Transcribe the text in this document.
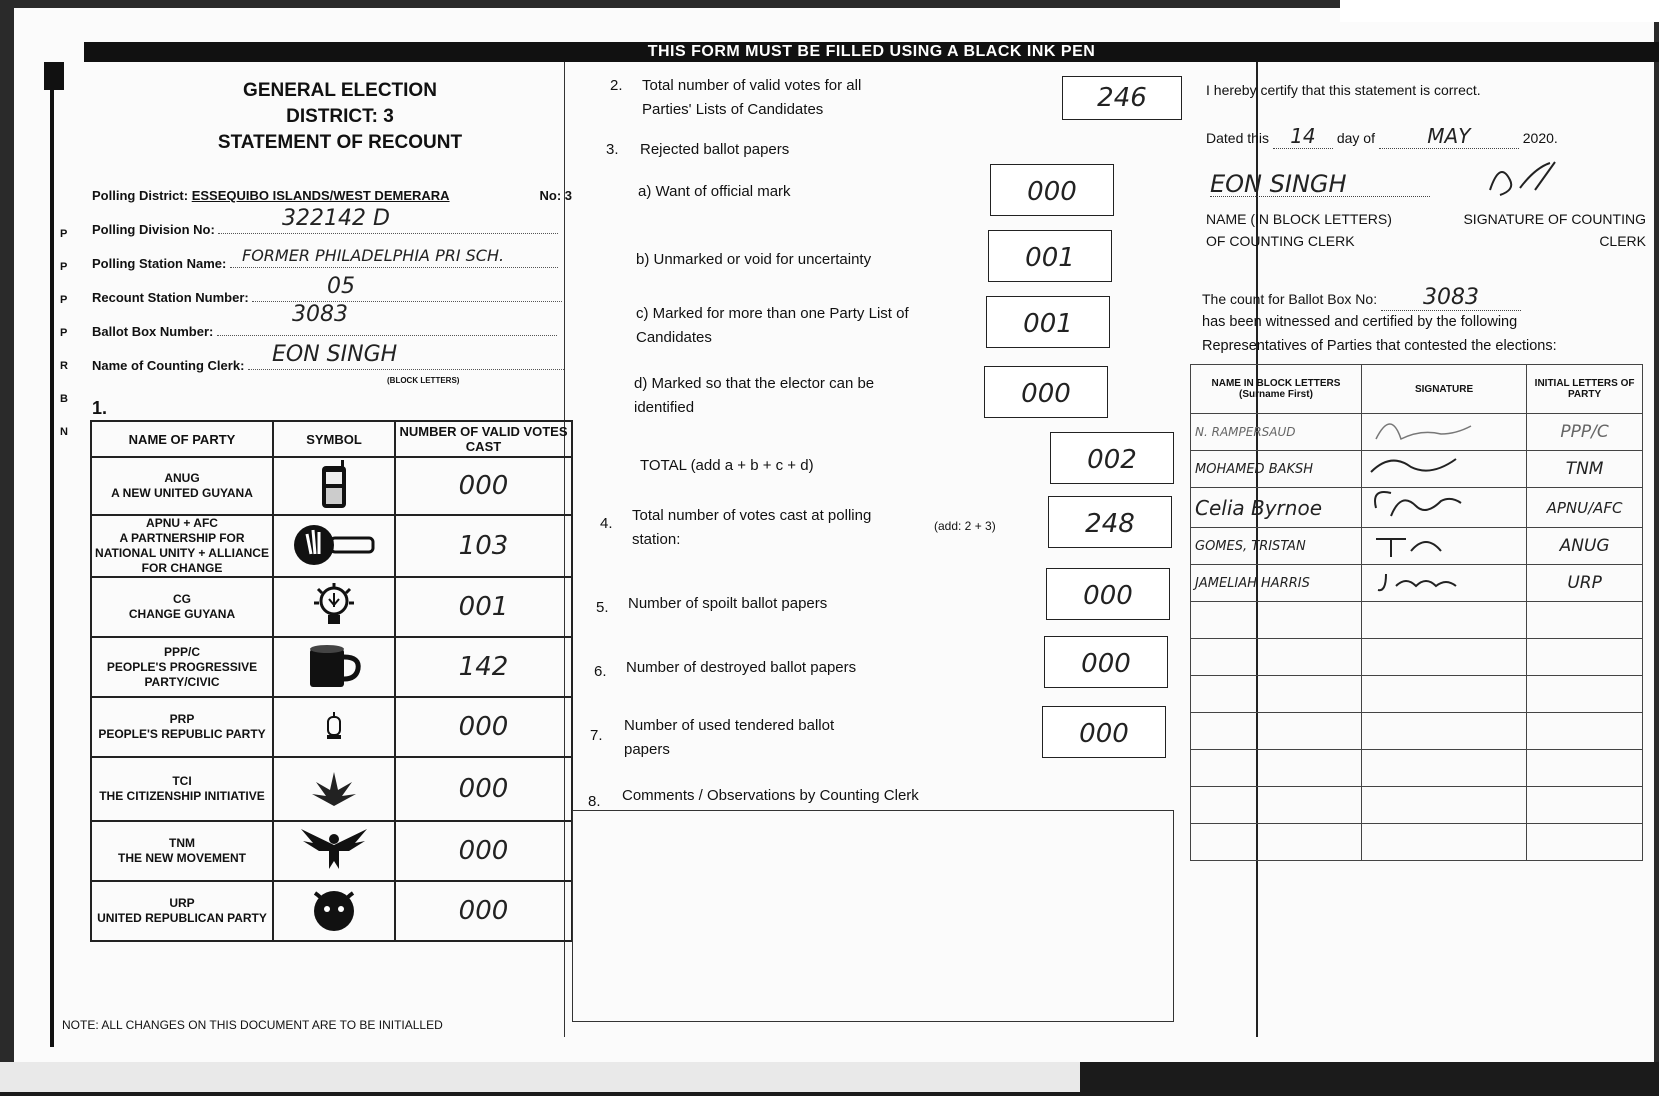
THIS FORM MUST BE FILLED USING A BLACK INK PEN
P
P
P
P
R
B
N
GENERAL ELECTION
DISTRICT: 3
STATEMENT OF RECOUNT
Polling District: ESSEQUIBO ISLANDS/WEST DEMERARA	No: 3
Polling Division No:	322142 D
Polling Station Name: FORMER PHILADELPHIA PRI SCH.
Recount Station Number:	05
Ballot Box Number:
3083
Name of Counting Clerk: EON SINGH
(BLOCK LETTERS)
1.
NAME OF PARTY	SYMBOL	NUMBER OF VALID VOTES CAST

ANUG
A NEW UNITED GUYANA		000

APNU + AFC
A PARTNERSHIP FOR NATIONAL UNITY + ALLIANCE FOR CHANGE		103

CG
CHANGE GUYANA		001

PPP/C
PEOPLE'S PROGRESSIVE PARTY/CIVIC		142

PRP
PEOPLE'S REPUBLIC PARTY		000

TCI
THE CITIZENSHIP INITIATIVE		000

TNM
THE NEW MOVEMENT		000

URP
UNITED REPUBLICAN PARTY		000
NOTE: ALL CHANGES ON THIS DOCUMENT ARE TO BE INITIALLED
2. Total number of valid votes for all
Parties' Lists of Candidates	246
3. Rejected ballot papers
a) Want of official mark	000
b) Unmarked or void for uncertainty	001
c) Marked for more than one Party List of
Candidates	001
d) Marked so that the elector can be
identified	000
TOTAL (add a + b + c + d)	002
4. Total number of votes cast at polling
station:
(add: 2 + 3)	248
5. Number of spoilt ballot papers	000
6. Number of destroyed ballot papers	000
7.
Number of used tendered ballot
papers
000
8. Comments / Observations by Counting Clerk
I hereby certify that this statement is correct.
Dated this 14 day of	MAY	2020.
EON SINGH
NAME (IN BLOCK LETTERS)
OF COUNTING CLERK
SIGNATURE OF COUNTING
CLERK
The count for Ballot Box No: 3083
has been witnessed and certified by the following
Representatives of Parties that contested the elections:
NAME IN BLOCK LETTERS (Surname First)	SIGNATURE	INITIAL LETTERS OF PARTY
N. RAMPERSAUD		PPP/C
MOHAMED BAKSH		TNM
Celia Byrnoe		APNU/AFC
GOMES, TRISTAN		ANUG
JAMELIAH HARRIS		URP
